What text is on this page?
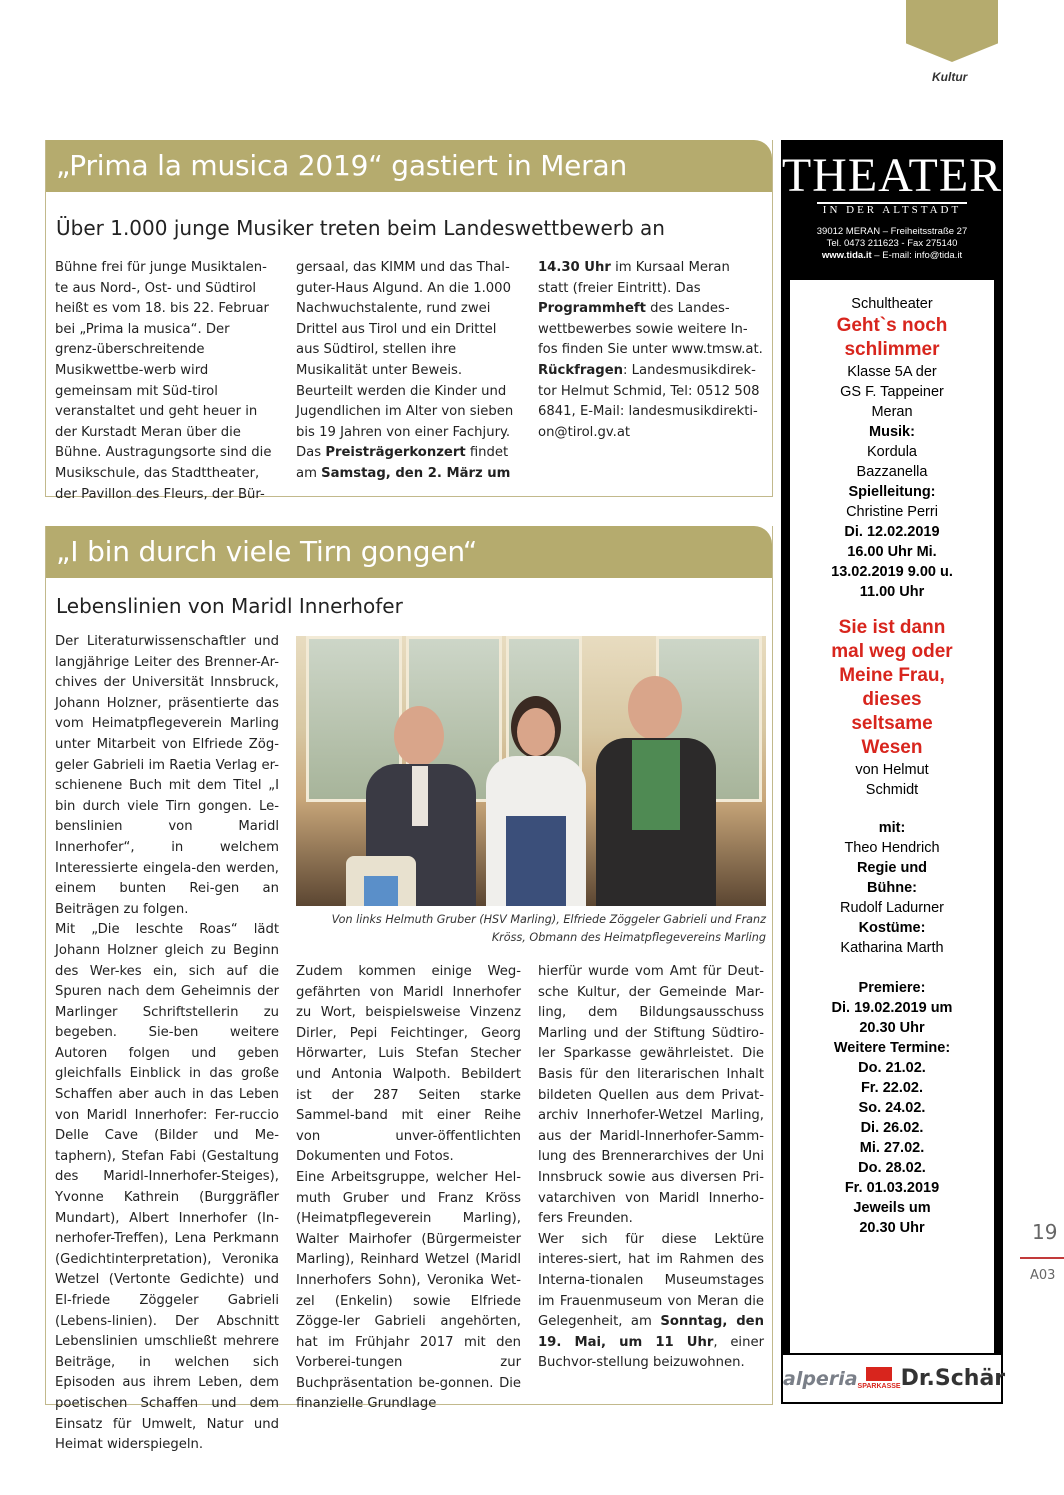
Kultur
„Prima la musica 2019“ gastiert in Meran
Über 1.000 junge Musiker treten beim Landeswettbewerb an
Bühne frei für junge Musiktalen-te aus Nord-, Ost- und Südtirol heißt es vom 18. bis 22. Februar bei „Prima la musica“. Der grenz-überschreitende Musikwettbe-werb wird gemeinsam mit Süd-tirol veranstaltet und geht heuer in der Kurstadt Meran über die Bühne. Austragungsorte sind die Musikschule, das Stadttheater, der Pavillon des Fleurs, der Bür-
gersaal, das KIMM und das Thal-guter-Haus Algund. An die 1.000 Nachwuchstalente, rund zwei Drittel aus Tirol und ein Drittel aus Südtirol, stellen ihre Musikalität unter Beweis. Beurteilt werden die Kinder und Jugendlichen im Alter von sieben bis 19 Jahren von einer Fachjury. Das Preisträgerkonzert findet am Samstag, den 2. März um
14.30 Uhr im Kursaal Meran statt (freier Eintritt). Das Programmheft des Landes-wettbewerbes sowie weitere In-fos finden Sie unter www.tmsw.at.
Rückfragen: Landesmusikdirek-tor Helmut Schmid, Tel: 0512 508 6841, E-Mail: landesmusikdirekti-on@tirol.gv.at
„I bin durch viele Tirn gongen“
Lebenslinien von Maridl Innerhofer
Der Literaturwissenschaftler und langjährige Leiter des Brenner-Ar-chives der Universität Innsbruck, Johann Holzner, präsentierte das vom Heimatpflegeverein Marling unter Mitarbeit von Elfriede Zög-geler Gabrieli im Raetia Verlag er-schienene Buch mit dem Titel „I bin durch viele Tirn gongen. Le-benslinien von Maridl Innerhofer“, in welchem Interessierte eingela-den werden, einem bunten Rei-gen an Beiträgen zu folgen.
Mit „Die leschte Roas“ lädt Johann Holzner gleich zu Beginn des Wer-kes ein, sich auf die Spuren nach dem Geheimnis der Marlinger Schriftstellerin zu begeben. Sie-ben weitere Autoren folgen und geben gleichfalls Einblick in das große Schaffen aber auch in das Leben von Maridl Innerhofer: Fer-ruccio Delle Cave (Bilder und Me-taphern), Stefan Fabi (Gestaltung des Maridl-Innerhofer-Steiges), Yvonne Kathrein (Burggräfler Mundart), Albert Innerhofer (In-nerhofer-Treffen), Lena Perkmann (Gedichtinterpretation), Veronika Wetzel (Vertonte Gedichte) und El-friede Zöggeler Gabrieli (Lebens-linien). Der Abschnitt Lebenslinien umschließt mehrere Beiträge, in welchen sich Episoden aus ihrem Leben, dem poetischen Schaffen und dem Einsatz für Umwelt, Natur und Heimat widerspiegeln.
Zudem kommen einige Weg-gefährten von Maridl Innerhofer zu Wort, beispielsweise Vinzenz Dirler, Pepi Feichtinger, Georg Hörwarter, Luis Stefan Stecher und Antonia Walpoth. Bebildert ist der 287 Seiten starke Sammel-band mit einer Reihe von unver-öffentlichten Dokumenten und Fotos.
Eine Arbeitsgruppe, welcher Hel-muth Gruber und Franz Kröss (Heimatpflegeverein Marling), Walter Mairhofer (Bürgermeister Marling), Reinhard Wetzel (Maridl Innerhofers Sohn), Veronika Wet-zel (Enkelin) sowie Elfriede Zögge-ler Gabrieli angehörten, hat im Frühjahr 2017 mit den Vorberei-tungen zur Buchpräsentation be-gonnen. Die finanzielle Grundlage
hierfür wurde vom Amt für Deut-sche Kultur, der Gemeinde Mar-ling, dem Bildungsausschuss Marling und der Stiftung Südtiro-ler Sparkasse gewährleistet. Die Basis für den literarischen Inhalt bildeten Quellen aus dem Privat-archiv Innerhofer-Wetzel Marling, aus der Maridl-Innerhofer-Samm-lung des Brennerarchives der Uni Innsbruck sowie aus diversen Pri-vatarchiven von Maridl Innerho-fers Freunden.
Wer sich für diese Lektüre interes-siert, hat im Rahmen des Interna-tionalen Museumstages im Frauenmuseum von Meran die Gelegenheit, am Sonntag, den 19. Mai, um 11 Uhr, einer Buchvor-stellung beizuwohnen.
Von links Helmuth Gruber (HSV Marling), Elfriede Zöggeler Gabrieli und Franz Kröss, Obmann des Heimatpflegevereins Marling
THEATER
IN DER ALTSTADT
39012 MERAN – Freiheitsstraße 27
Tel. 0473 211623 - Fax 275140
www.tida.it – E-mail: info@tida.it
Schultheater
Geht`s noch schlimmer
Klasse 5A der GS F. Tappeiner Meran
Musik:
Kordula Bazzanella
Spielleitung:
Christine Perri
Di. 12.02.2019 16.00 Uhr Mi. 13.02.2019 9.00 u. 11.00 Uhr
Sie ist dann mal weg oder Meine Frau, dieses seltsame Wesen
von Helmut Schmidt
mit:
Theo Hendrich
Regie und Bühne:
Rudolf Ladurner
Kostüme:
Katharina Marth
Premiere:
Di. 19.02.2019 um 20.30 Uhr
Weitere Termine:
Do. 21.02.
Fr. 22.02.
So. 24.02.
Di. 26.02.
Mi. 27.02.
Do. 28.02.
Fr. 01.03.2019
Jeweils um 20.30 Uhr
alperia SPARKASSE Dr.Schär
19
A03
